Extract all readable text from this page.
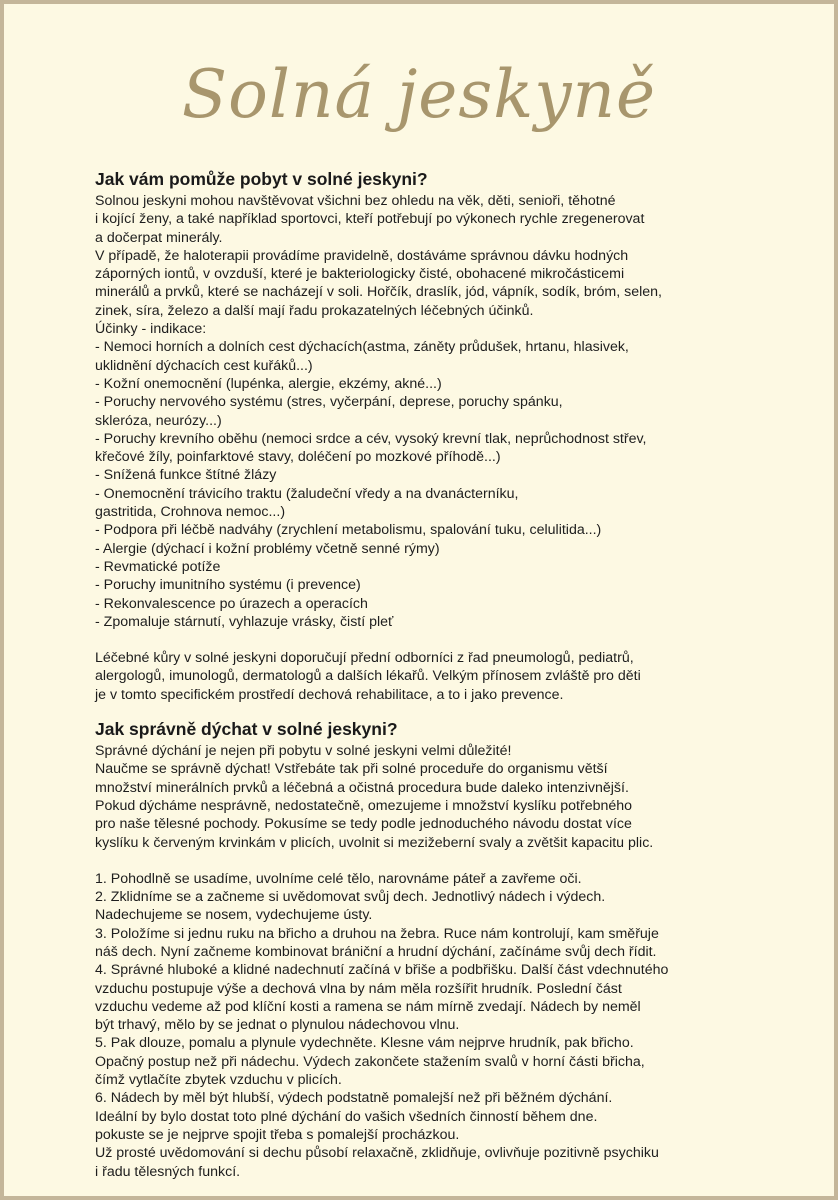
Solná jeskyně
Jak vám pomůže pobyt v solné jeskyni?
Solnou jeskyni mohou navštěvovat všichni bez ohledu na věk, děti, senioři, těhotné
i kojící ženy, a také například sportovci, kteří potřebují po výkonech rychle zregenerovat
a dočerpat minerály.
V případě, že haloterapii provádíme pravidelně, dostáváme správnou dávku hodných
záporných iontů, v ovzduší, které je bakteriologicky čisté, obohacené mikročásticemi
minerálů a prvků, které se nacházejí v soli. Hořčík, draslík, jód, vápník, sodík, bróm, selen,
zinek, síra, železo a další mají řadu prokazatelných léčebných účinků.
Účinky - indikace:
- Nemoci horních a dolních cest dýchacích(astma, záněty průdušek, hrtanu, hlasivek,
uklidnění dýchacích cest kuřáků...)
- Kožní onemocnění (lupénka, alergie, ekzémy, akné...)
- Poruchy nervového systému (stres, vyčerpání, deprese, poruchy spánku,
skleróza, neurózy...)
- Poruchy krevního oběhu (nemoci srdce a cév, vysoký krevní tlak, neprůchodnost střev,
křečové žíly, poinfarktové stavy, doléčení po mozkové příhodě...)
- Snížená funkce štítné žlázy
- Onemocnění trávicího traktu (žaludeční vředy a na dvanácterníku,
gastritida, Crohnova nemoc...)
- Podpora při léčbě nadváhy (zrychlení metabolismu, spalování tuku, celulitida...)
- Alergie (dýchací i kožní problémy včetně senné rýmy)
- Revmatické potíže
- Poruchy imunitního systému (i prevence)
- Rekonvalescence po úrazech a operacích
- Zpomaluje stárnutí, vyhlazuje vrásky, čistí pleť
Léčebné kůry v solné jeskyni doporučují přední odborníci z řad pneumologů, pediatrů,
alergologů, imunologů, dermatologů a dalších lékařů. Velkým přínosem zvláště pro děti
je v tomto specifickém prostředí dechová rehabilitace, a to i jako prevence.
Jak správně dýchat v solné jeskyni?
Správné dýchání je nejen při pobytu v solné jeskyni velmi důležité!
Naučme se správně dýchat! Vstřebáte tak při solné proceduře do organismu větší
množství minerálních prvků a léčebná a očistná procedura bude daleko intenzivnější.
Pokud dýcháme nesprávně, nedostatečně, omezujeme i množství kyslíku potřebného
pro naše tělesné pochody. Pokusíme se tedy podle jednoduchého návodu dostat více
kyslíku k červeným krvinkám v plicích, uvolnit si mezižeberní svaly a zvětšit kapacitu plic.
1. Pohodlně se usadíme, uvolníme celé tělo, narovnáme páteř a zavřeme oči.
2. Zklidníme se a začneme si uvědomovat svůj dech. Jednotlivý nádech i výdech.
Nadechujeme se nosem, vydechujeme ústy.
3. Položíme si jednu ruku na břicho a druhou na žebra. Ruce nám kontrolují, kam směřuje
náš dech. Nyní začneme kombinovat brániční a hrudní dýchání, začínáme svůj dech řídit.
4. Správné hluboké a klidné nadechnutí začíná v břiše a podbřišku. Další část vdechnutého
vzduchu postupuje výše a dechová vlna by nám měla rozšířit hrudník. Poslední část
vzduchu vedeme až pod klíční kosti a ramena se nám mírně zvedají. Nádech by neměl
být trhavý, mělo by se jednat o plynulou nádechovou vlnu.
5. Pak dlouze, pomalu a plynule vydechněte. Klesne vám nejprve hrudník, pak břicho.
Opačný postup než při nádechu. Výdech zakončete stažením svalů v horní části břicha,
čímž vytlačíte zbytek vzduchu v plicích.
6. Nádech by měl být hlubší, výdech podstatně pomalejší než při běžném dýchání.
Ideální by bylo dostat toto plné dýchání do vašich všedních činností během dne.
pokuste se je nejprve spojit třeba s pomalejší procházkou.
Už prosté uvědomování si dechu působí relaxačně, zklidňuje, ovlivňuje pozitivně psychiku
i řadu tělesných funkcí.
